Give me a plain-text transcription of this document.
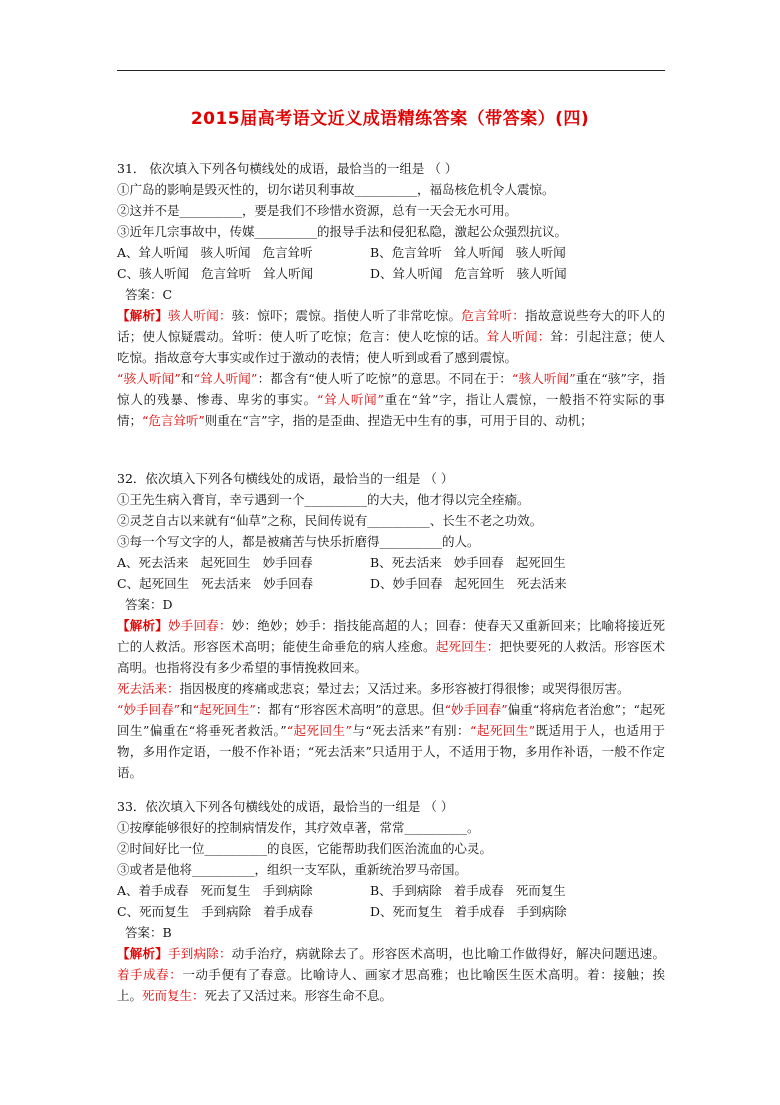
2015届高考语文近义成语精练答案（带答案）(四)
31． 依次填入下列各句横线处的成语，最恰当的一组是 （ ）
①广岛的影响是毁灭性的，切尔诺贝利事故__________，福岛核危机令人震惊。
②这并不是__________，要是我们不珍惜水资源，总有一天会无水可用。
③近年几宗事故中，传媒__________的报导手法和侵犯私隐，激起公众强烈抗议。
A、耸人听闻 骇人听闻 危言耸听	B、危言耸听 耸人听闻 骇人听闻
C、骇人听闻 危言耸听 耸人听闻	D、耸人听闻 危言耸听 骇人听闻
答案：C
【解析】骇人听闻：骇：惊吓；震惊。指使人听了非常吃惊。危言耸听：指故意说些夸大的吓人的话；使人惊疑震动。耸听：使人听了吃惊；危言：使人吃惊的话。耸人听闻：耸：引起注意；使人吃惊。指故意夸大事实或作过于激动的表情；使人听到或看了感到震惊。
“骇人听闻”和“耸人听闻”：都含有“使人听了吃惊”的意思。不同在于：“骇人听闻”重在“骇”字，指惊人的残暴、惨毒、卑劣的事实。“耸人听闻”重在“耸”字，指让人震惊，一般指不符实际的事情；“危言耸听”则重在“言”字，指的是歪曲、捏造无中生有的事，可用于目的、动机；
32．依次填入下列各句横线处的成语，最恰当的一组是 （ ）
①王先生病入膏肓，幸亏遇到一个__________的大夫，他才得以完全痊瘉。
②灵芝自古以来就有“仙草”之称，民间传说有__________、长生不老之功效。
③每一个写文字的人，都是被痛苦与快乐折磨得__________的人。
A、死去活来 起死回生 妙手回春	B、死去活来 妙手回春 起死回生
C、起死回生 死去活来 妙手回春	D、妙手回春 起死回生 死去活来
答案：D
【解析】妙手回春：妙：绝妙；妙手：指技能高超的人；回春：使春天又重新回来；比喻将接近死亡的人救活。形容医术高明；能使生命垂危的病人痊愈。起死回生：把快要死的人救活。形容医术高明。也指将没有多少希望的事情挽救回来。
死去活来：指因极度的疼痛或悲哀；晕过去；又活过来。多形容被打得很惨；或哭得很厉害。
“妙手回春”和“起死回生”：都有“形容医术高明”的意思。但“妙手回春”偏重“将病危者治愈”；“起死回生”偏重在“将垂死者救活。”“起死回生”与“死去活来”有别：“起死回生”既适用于人，也适用于物，多用作定语，一般不作补语；“死去活来”只适用于人，不适用于物，多用作补语，一般不作定语。
33．依次填入下列各句横线处的成语，最恰当的一组是 （ ）
①按摩能够很好的控制病情发作，其疗效卓著，常常__________。
②时间好比一位__________的良医，它能帮助我们医治流血的心灵。
③或者是他将__________，组织一支军队，重新统治罗马帝国。
A、着手成春 死而复生 手到病除	B、手到病除 着手成春 死而复生
C、死而复生 手到病除 着手成春	D、死而复生 着手成春 手到病除
答案：B
【解析】手到病除：动手治疗，病就除去了。形容医术高明，也比喻工作做得好，解决问题迅速。着手成春：一动手便有了春意。比喻诗人、画家才思高雅；也比喻医生医术高明。着：接触；挨上。死而复生：死去了又活过来。形容生命不息。
